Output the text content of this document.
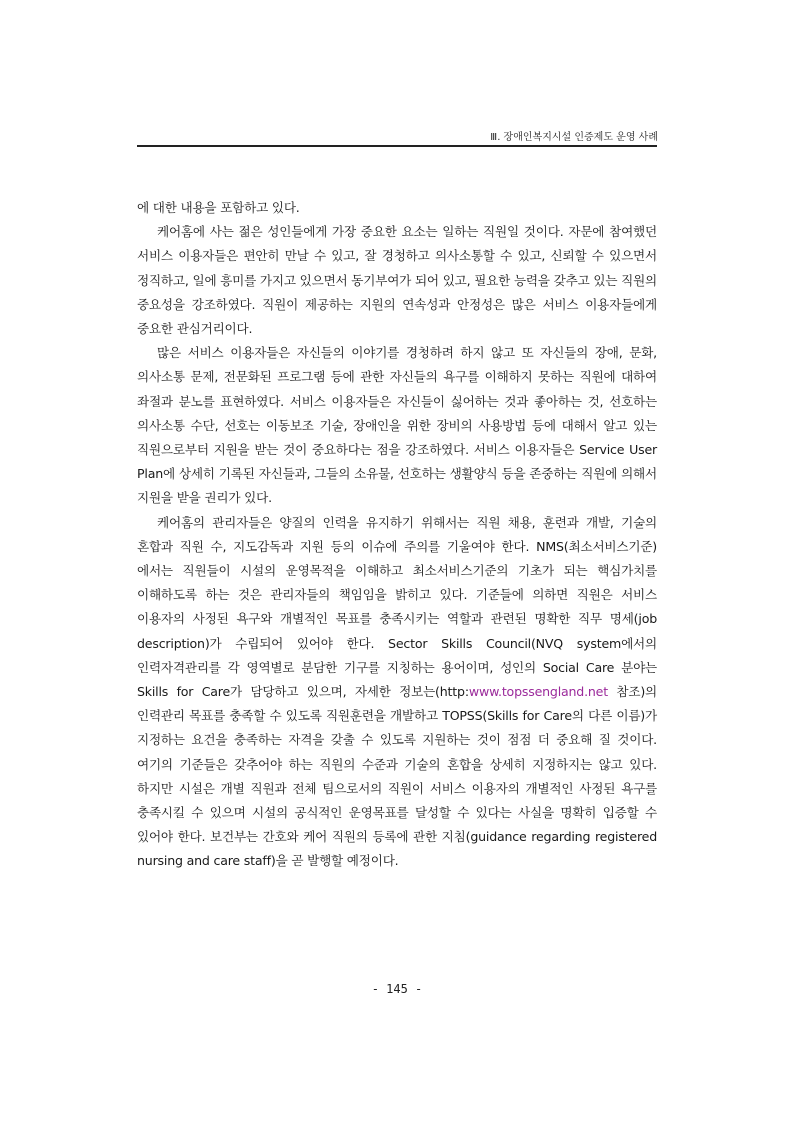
Ⅲ. 장애인복지시설 인증제도 운영 사례

에 대한 내용을 포함하고 있다.

케어홈에 사는 젊은 성인들에게 가장 중요한 요소는 일하는 직원일 것이다. 자문에 참여했던 서비스 이용자들은 편안히 만날 수 있고, 잘 경청하고 의사소통할 수 있고, 신뢰할 수 있으면서 정직하고, 일에 흥미를 가지고 있으면서 동기부여가 되어 있고, 필요한 능력을 갖추고 있는 직원의 중요성을 강조하였다. 직원이 제공하는 지원의 연속성과 안정성은 많은 서비스 이용자들에게 중요한 관심거리이다.

많은 서비스 이용자들은 자신들의 이야기를 경청하려 하지 않고 또 자신들의 장애, 문화, 의사소통 문제, 전문화된 프로그램 등에 관한 자신들의 욕구를 이해하지 못하는 직원에 대하여 좌절과 분노를 표현하였다. 서비스 이용자들은 자신들이 싫어하는 것과 좋아하는 것, 선호하는 의사소통 수단, 선호는 이동보조 기술, 장애인을 위한 장비의 사용방법 등에 대해서 알고 있는 직원으로부터 지원을 받는 것이 중요하다는 점을 강조하였다. 서비스 이용자들은 Service User Plan에 상세히 기록된 자신들과, 그들의 소유물, 선호하는 생활양식 등을 존중하는 직원에 의해서 지원을 받을 권리가 있다.

케어홈의 관리자들은 양질의 인력을 유지하기 위해서는 직원 채용, 훈련과 개발, 기술의 혼합과 직원 수, 지도감독과 지원 등의 이슈에 주의를 기울여야 한다. NMS(최소서비스기준)에서는 직원들이 시설의 운영목적을 이해하고 최소서비스기준의 기초가 되는 핵심가치를 이해하도록 하는 것은 관리자들의 책임임을 밝히고 있다. 기준들에 의하면 직원은 서비스 이용자의 사정된 욕구와 개별적인 목표를 충족시키는 역할과 관련된 명확한 직무 명세(job description)가 수립되어 있어야 한다. Sector Skills Council(NVQ system에서의 인력자격관리를 각 영역별로 분담한 기구를 지칭하는 용어이며, 성인의 Social Care 분야는 Skills for Care가 담당하고 있으며, 자세한 정보는(http:www.topssengland.net 참조)의 인력관리 목표를 충족할 수 있도록 직원훈련을 개발하고 TOPSS(Skills for Care의 다른 이름)가 지정하는 요건을 충족하는 자격을 갖출 수 있도록 지원하는 것이 점점 더 중요해 질 것이다. 여기의 기준들은 갖추어야 하는 직원의 수준과 기술의 혼합을 상세히 지정하지는 않고 있다. 하지만 시설은 개별 직원과 전체 팀으로서의 직원이 서비스 이용자의 개별적인 사정된 욕구를 충족시킬 수 있으며 시설의 공식적인 운영목표를 달성할 수 있다는 사실을 명확히 입증할 수 있어야 한다. 보건부는 간호와 케어 직원의 등록에 관한 지침(guidance regarding registered nursing and care staff)을 곧 발행할 예정이다.

- 145 -
